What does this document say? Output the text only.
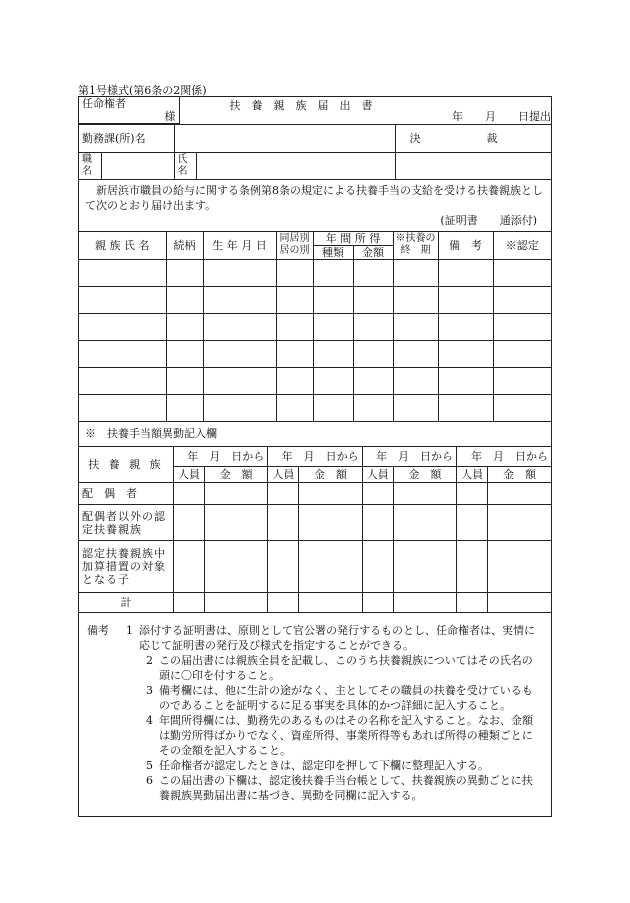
第1号様式(第6条の2関係)
任命権者
様

扶　養　親　族　届　出　書
年　　月　　日提出
勤務課(所)名		決　　　　　　裁
職名		氏名		
新居浜市職員の給与に関する条例第8条の規定による扶養手当の支給を受ける扶養親族として次のとおり届け出ます。
(証明書　　通添付)
親 族 氏 名	続柄	生 年 月 日	同居別居の別	年 間 所 得		※扶養の終　期	備　考	※認定
				種類	金額			

※　扶養手当額異動記入欄
扶 養 親 族	年　月　日から		年　月　日から		年　月　日から		年　月　日から	
	人員	金　額	人員	金　額	人員	金　額	人員	金　額
配　偶　者								
配偶者以外の認定扶養親族								
認定扶養親族中加算措置の対象となる子								
計								
備考	1 添付する証明書は、原則として官公署の発行するものとし、任命権者は、実情に応じて証明書の発行及び様式を指定することができる。
2 この届出書には親族全員を記載し、このうち扶養親族についてはその氏名の頭に〇印を付すること。
3 備考欄には、他に生計の途がなく、主としてその職員の扶養を受けているものであることを証明するに足る事実を具体的かつ詳細に記入すること。
4 年間所得欄には、勤務先のあるものはその名称を記入すること。なお、金額は勤労所得ばかりでなく、資産所得、事業所得等もあれば所得の種類ごとにその金額を記入すること。
5 任命権者が認定したときは、認定印を押して下欄に整理記入する。
6 この届出書の下欄は、認定後扶養手当台帳として、扶養親族の異動ごとに扶養親族異動届出書に基づき、異動を同欄に記入する。
